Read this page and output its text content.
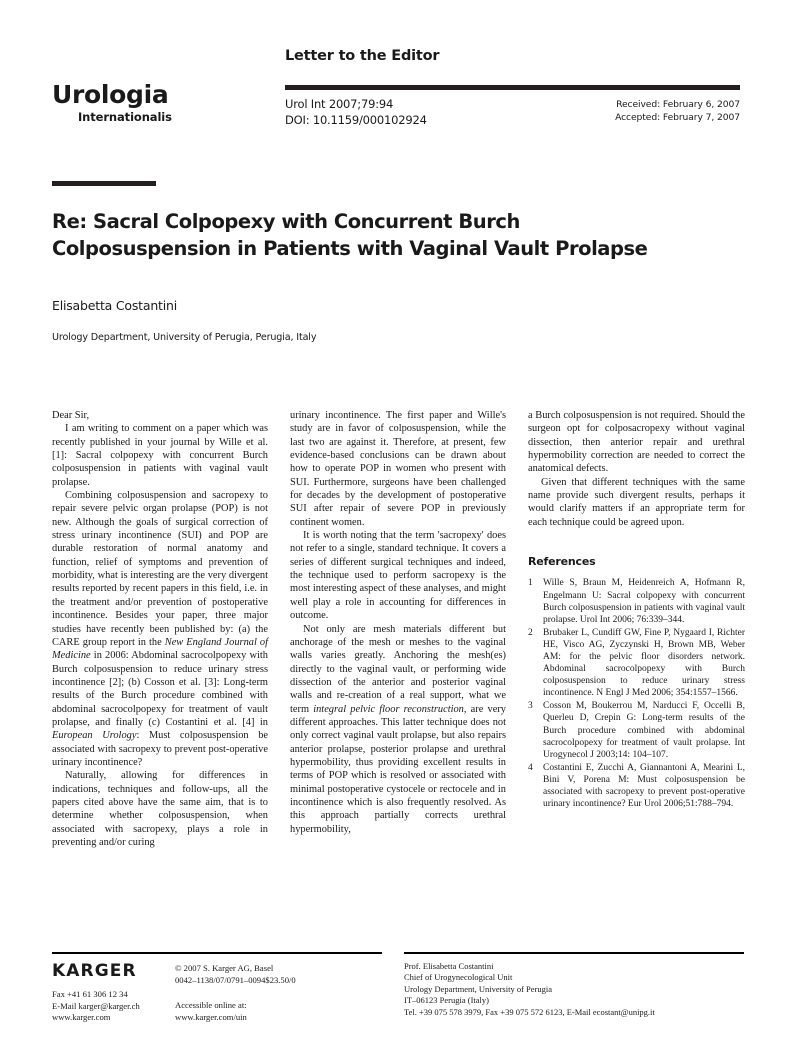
Urologia
Internationalis
Letter to the Editor
Urol Int 2007;79:94
DOI: 10.1159/000102924
Received: February 6, 2007
Accepted: February 7, 2007
Re: Sacral Colpopexy with Concurrent Burch Colposuspension in Patients with Vaginal Vault Prolapse
Elisabetta Costantini
Urology Department, University of Perugia, Perugia, Italy

Dear Sir,

I am writing to comment on a paper which was recently published in your journal by Wille et al. [1]: Sacral colpopexy with concurrent Burch colposuspension in patients with vaginal vault prolapse.

Combining colposuspension and sacropexy to repair severe pelvic organ prolapse (POP) is not new. Although the goals of surgical correction of stress urinary incontinence (SUI) and POP are durable restoration of normal anatomy and function, relief of symptoms and prevention of morbidity, what is interesting are the very divergent results reported by recent papers in this field, i.e. in the treatment and/or prevention of postoperative incontinence. Besides your paper, three major studies have recently been published by: (a) the CARE group report in the New England Journal of Medicine in 2006: Abdominal sacrocolpopexy with Burch colposuspension to reduce urinary stress incontinence [2]; (b) Cosson et al. [3]: Long-term results of the Burch procedure combined with abdominal sacrocolpopexy for treatment of vault prolapse, and finally (c) Costantini et al. [4] in European Urology: Must colposuspension be associated with sacropexy to prevent post-operative urinary incontinence?

Naturally, allowing for differences in indications, techniques and follow-ups, all the papers cited above have the same aim, that is to determine whether colposuspension, when associated with sacropexy, plays a role in preventing and/or curing

urinary incontinence. The first paper and Wille's study are in favor of colposuspension, while the last two are against it. Therefore, at present, few evidence-based conclusions can be drawn about how to operate POP in women who present with SUI. Furthermore, surgeons have been challenged for decades by the development of postoperative SUI after repair of severe POP in previously continent women.

It is worth noting that the term 'sacropexy' does not refer to a single, standard technique. It covers a series of different surgical techniques and indeed, the technique used to perform sacropexy is the most interesting aspect of these analyses, and might well play a role in accounting for differences in outcome.

Not only are mesh materials different but anchorage of the mesh or meshes to the vaginal walls varies greatly. Anchoring the mesh(es) directly to the vaginal vault, or performing wide dissection of the anterior and posterior vaginal walls and re-creation of a real support, what we term integral pelvic floor reconstruction, are very different approaches. This latter technique does not only correct vaginal vault prolapse, but also repairs anterior prolapse, posterior prolapse and urethral hypermobility, thus providing excellent results in terms of POP which is resolved or associated with minimal postoperative cystocele or rectocele and in incontinence which is also frequently resolved. As this approach partially corrects urethral hypermobility,

a Burch colposuspension is not required. Should the surgeon opt for colposacropexy without vaginal dissection, then anterior repair and urethral hypermobility correction are needed to correct the anatomical defects.

Given that different techniques with the same name provide such divergent results, perhaps it would clarify matters if an appropriate term for each technique could be agreed upon.

References
1	Wille S, Braun M, Heidenreich A, Hofmann R, Engelmann U: Sacral colpopexy with concurrent Burch colposuspension in patients with vaginal vault prolapse. Urol Int 2006; 76:339–344.
2	Brubaker L, Cundiff GW, Fine P, Nygaard I, Richter HE, Visco AG, Zyczynski H, Brown MB, Weber AM: for the pelvic floor disorders network. Abdominal sacrocolpopexy with Burch colposuspension to reduce urinary stress incontinence. N Engl J Med 2006; 354:1557–1566.
3	Cosson M, Boukerrou M, Narducci F, Occelli B, Querleu D, Crepin G: Long-term results of the Burch procedure combined with abdominal sacrocolpopexy for treatment of vault prolapse. Int Urogynecol J 2003;14: 104–107.
4	Costantini E, Zucchi A, Giannantoni A, Mearini L, Bini V, Porena M: Must colposuspension be associated with sacropexy to prevent post-operative urinary incontinence? Eur Urol 2006;51:788–794.
KARGER
Fax +41 61 306 12 34
E-Mail karger@karger.ch
www.karger.com
© 2007 S. Karger AG, Basel
0042–1138/07/0791–0094$23.50/0
Accessible online at:
www.karger.com/uin
Prof. Elisabetta Costantini
Chief of Urogynecological Unit
Urology Department, University of Perugia
IT–06123 Perugia (Italy)
Tel. +39 075 578 3979, Fax +39 075 572 6123, E-Mail ecostant@unipg.it
